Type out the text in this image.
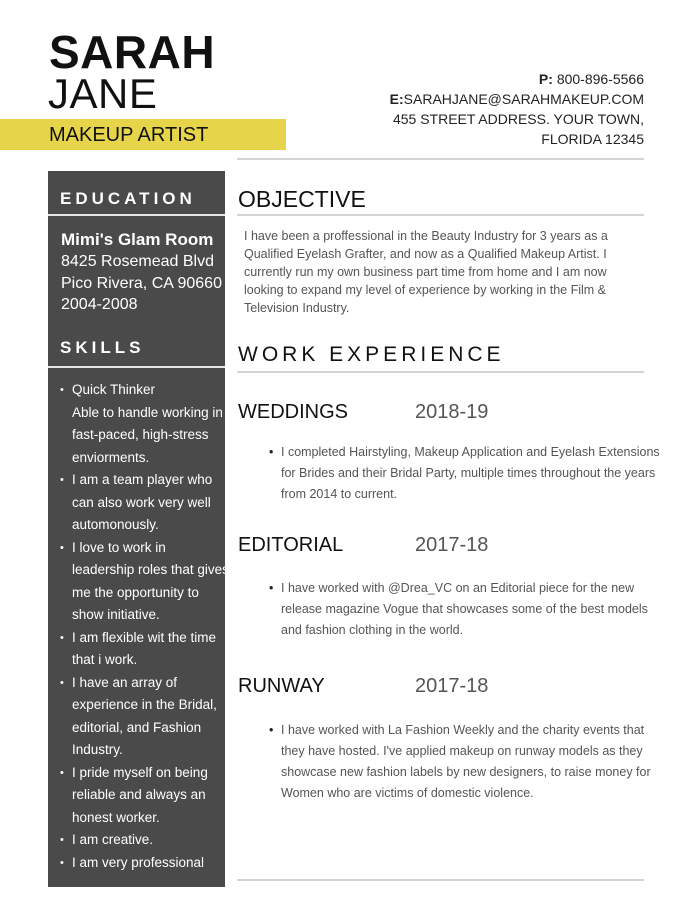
SARAH
JANE
MAKEUP ARTIST
P: 800-896-5566
E:SARAHJANE@SARAHMAKEUP.COM
455 STREET ADDRESS. YOUR TOWN,
FLORIDA 12345
EDUCATION
Mimi's Glam Room
8425 Rosemead Blvd
Pico Rivera, CA 90660
2004-2008
SKILLS
• Quick Thinker
Able to handle working in fast-paced, high-stress enviorments.
• I am a team player who can also work very well automonously.
• I love to work in leadership roles that gives me the opportunity to show initiative.
• I am flexible wit the time that i work.
• I have an array of experience in the Bridal, editorial, and Fashion Industry.
• I pride myself on being reliable and always an honest worker.
• I am creative.
• I am very professional
OBJECTIVE
I have been a proffessional in the Beauty Industry for 3 years as a Qualified Eyelash Grafter, and now as a Qualified Makeup Artist. I currently run my own business part time from home and I am now looking to expand my level of experience by working in the Film & Television Industry.
WORK EXPERIENCE
WEDDINGS	2018-19
• I completed Hairstyling, Makeup Application and Eyelash Extensions for Brides and their Bridal Party, multiple times throughout the years from 2014 to current.
EDITORIAL	2017-18
• I have worked with @Drea_VC on an Editorial piece for the new release magazine Vogue that showcases some of the best models and fashion clothing in the world.
RUNWAY	2017-18
• I have worked with La Fashion Weekly and the charity events that they have hosted. I've applied makeup on runway models as they showcase new fashion labels by new designers, to raise money for Women who are victims of domestic violence.
